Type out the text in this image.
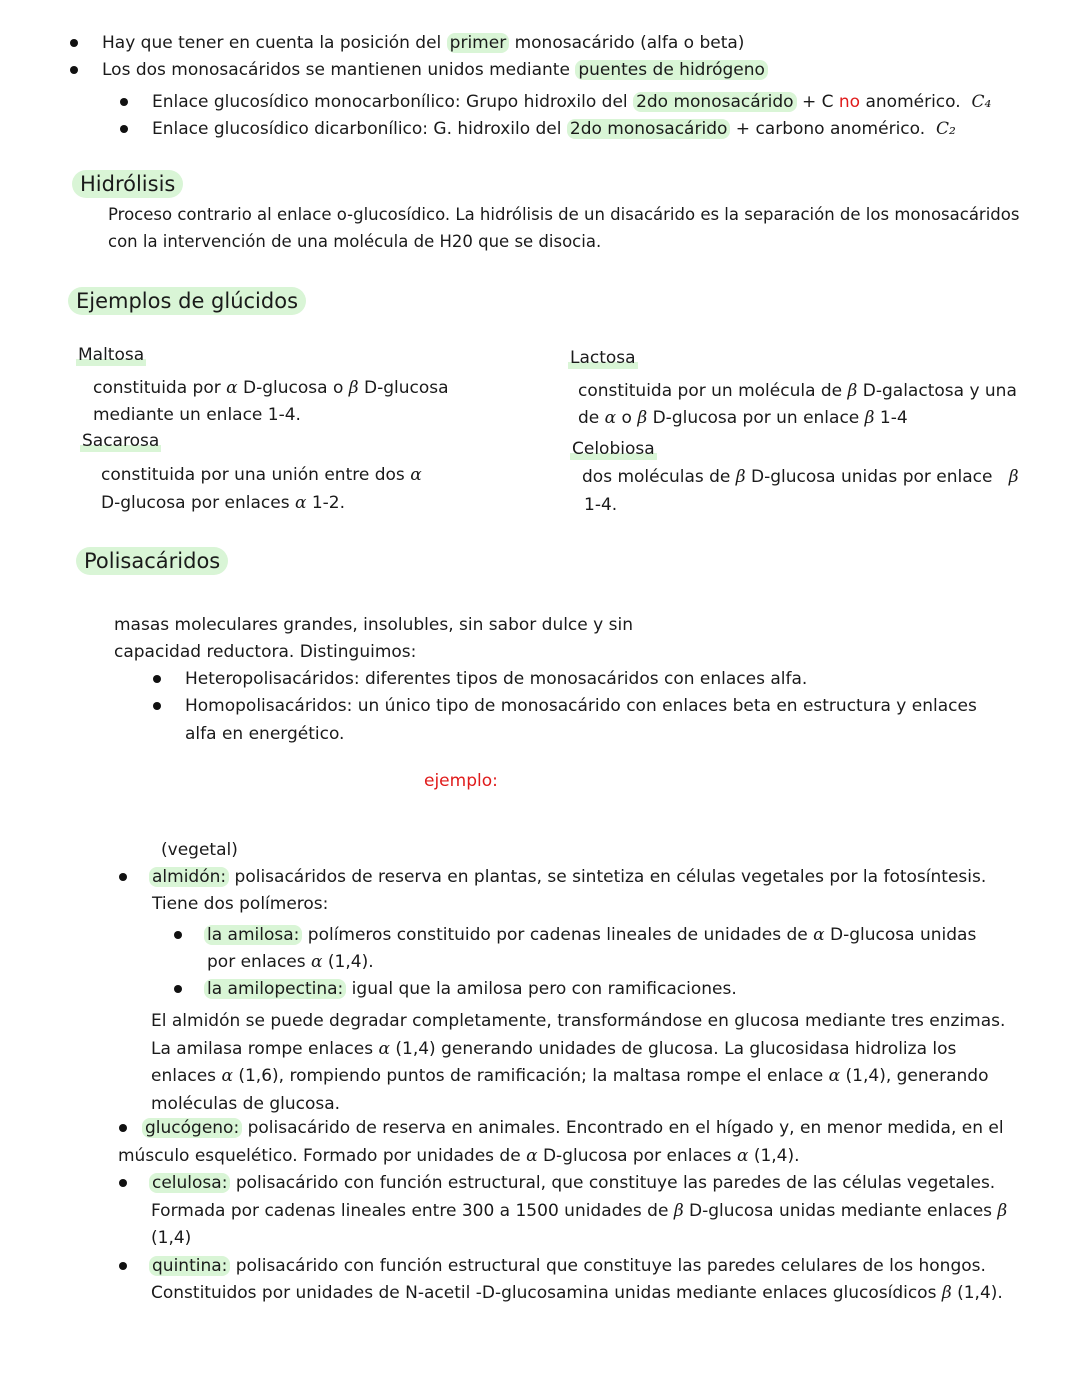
Hay que tener en cuenta la posición del primer monosacárido (alfa o beta)
Los dos monosacáridos se mantienen unidos mediante puentes de hidrógeno
Enlace glucosídico monocarbonílico: Grupo hidroxilo del 2do monosacárido + C no anomérico. C₄
Enlace glucosídico dicarbonílico: G. hidroxilo del 2do monosacárido + carbono anomérico. C₂
Hidrólisis
Proceso contrario al enlace o-glucosídico. La hidrólisis de un disacárido es la separación de los monosacáridos
con la intervención de una molécula de H20 que se disocia.
Ejemplos de glúcidos
Maltosa
constituida por α D-glucosa o β D-glucosa
mediante un enlace 1-4.
Sacarosa
constituida por una unión entre dos α
D-glucosa por enlaces α 1-2.
Lactosa
constituida por un molécula de β D-galactosa y una
de α o β D-glucosa por un enlace β 1-4
Celobiosa
dos moléculas de β D-glucosa unidas por enlace   β
1-4.
Polisacáridos
masas moleculares grandes, insolubles, sin sabor dulce y sin
capacidad reductora. Distinguimos:
Heteropolisacáridos: diferentes tipos de monosacáridos con enlaces alfa.
Homopolisacáridos: un único tipo de monosacárido con enlaces beta en estructura y enlaces
alfa en energético.
ejemplo:
(vegetal)
almidón: polisacáridos de reserva en plantas, se sintetiza en células vegetales por la fotosíntesis.
Tiene dos polímeros:
la amilosa: polímeros constituido por cadenas lineales de unidades de α D-glucosa unidas
por enlaces α (1,4).
la amilopectina: igual que la amilosa pero con ramificaciones.
El almidón se puede degradar completamente, transformándose en glucosa mediante tres enzimas.
La amilasa rompe enlaces α (1,4) generando unidades de glucosa. La glucosidasa hidroliza los
enlaces α (1,6), rompiendo puntos de ramificación; la maltasa rompe el enlace α (1,4), generando
moléculas de glucosa.
glucógeno: polisacárido de reserva en animales. Encontrado en el hígado y, en menor medida, en el
músculo esquelético. Formado por unidades de α D-glucosa por enlaces α (1,4).
celulosa: polisacárido con función estructural, que constituye las paredes de las células vegetales.
Formada por cadenas lineales entre 300 a 1500 unidades de β D-glucosa unidas mediante enlaces β
(1,4)
quintina: polisacárido con función estructural que constituye las paredes celulares de los hongos.
Constituidos por unidades de N-acetil -D-glucosamina unidas mediante enlaces glucosídicos β (1,4).
